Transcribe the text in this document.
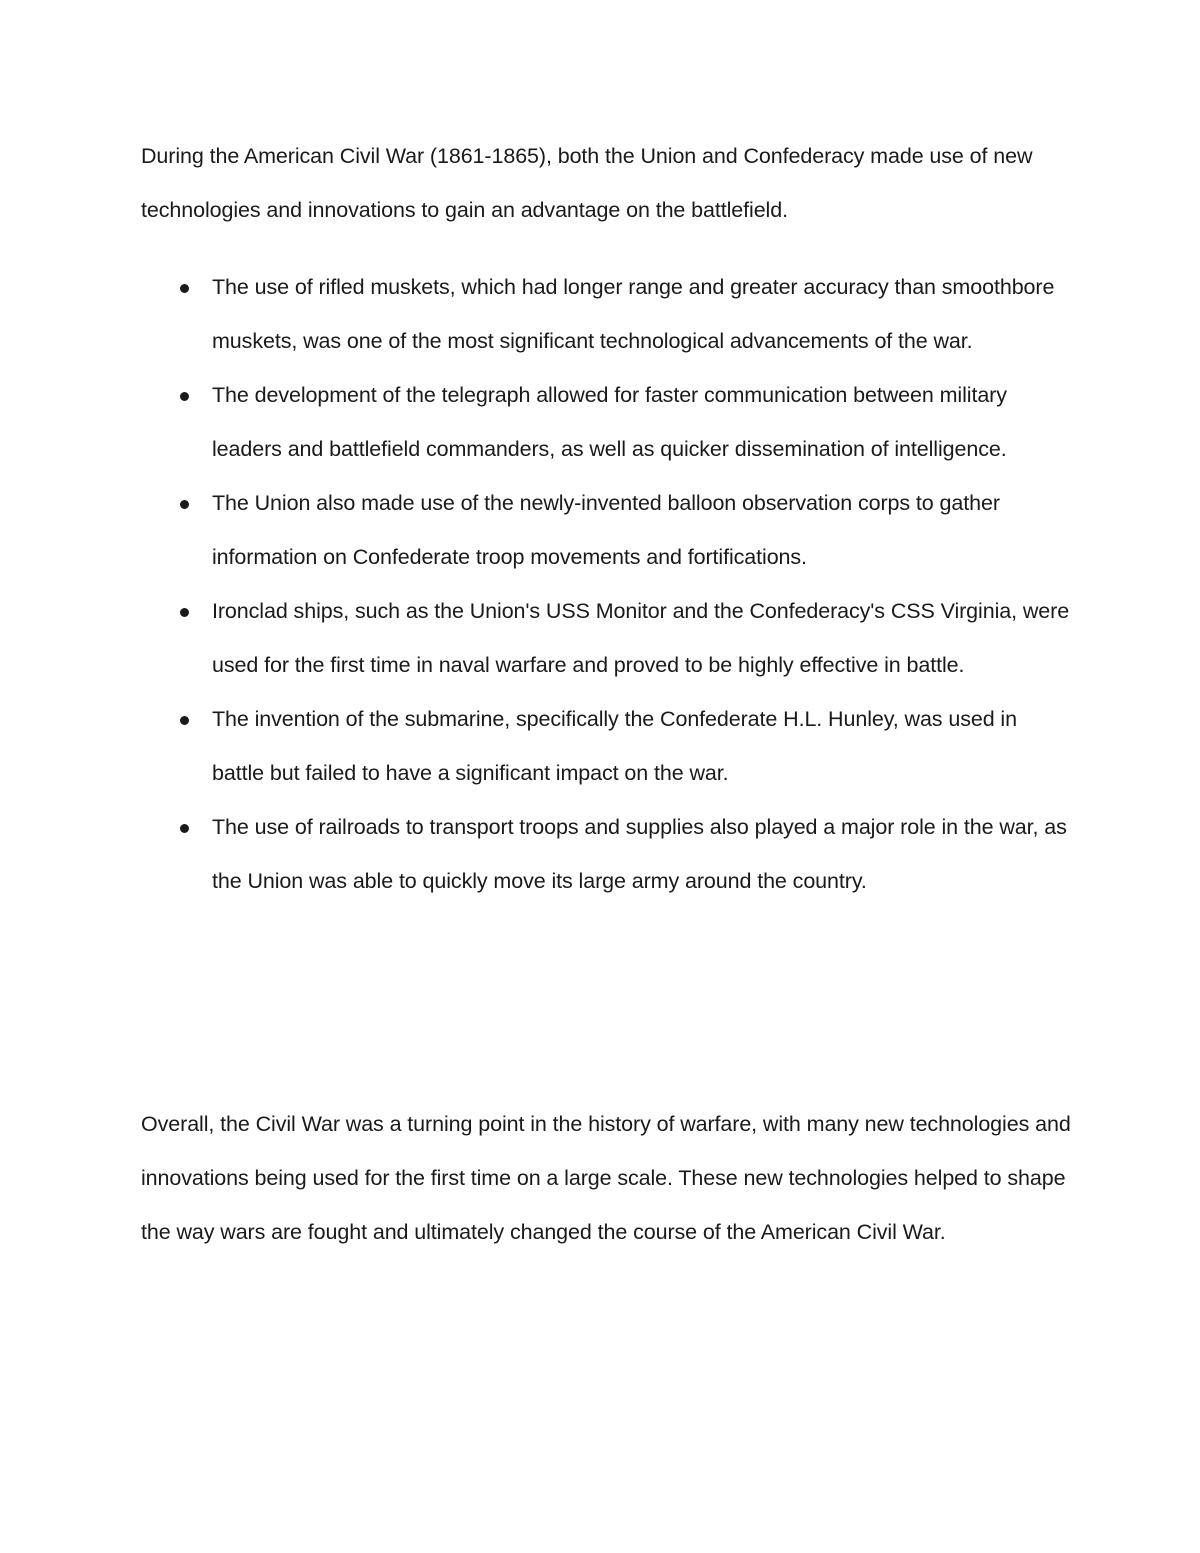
During the American Civil War (1861-1865), both the Union and Confederacy made use of new technologies and innovations to gain an advantage on the battlefield.

The use of rifled muskets, which had longer range and greater accuracy than smoothbore muskets, was one of the most significant technological advancements of the war.
The development of the telegraph allowed for faster communication between military leaders and battlefield commanders, as well as quicker dissemination of intelligence.
The Union also made use of the newly-invented balloon observation corps to gather information on Confederate troop movements and fortifications.
Ironclad ships, such as the Union's USS Monitor and the Confederacy's CSS Virginia, were used for the first time in naval warfare and proved to be highly effective in battle.
The invention of the submarine, specifically the Confederate H.L. Hunley, was used in battle but failed to have a significant impact on the war.
The use of railroads to transport troops and supplies also played a major role in the war, as the Union was able to quickly move its large army around the country.

Overall, the Civil War was a turning point in the history of warfare, with many new technologies and innovations being used for the first time on a large scale. These new technologies helped to shape the way wars are fought and ultimately changed the course of the American Civil War.
